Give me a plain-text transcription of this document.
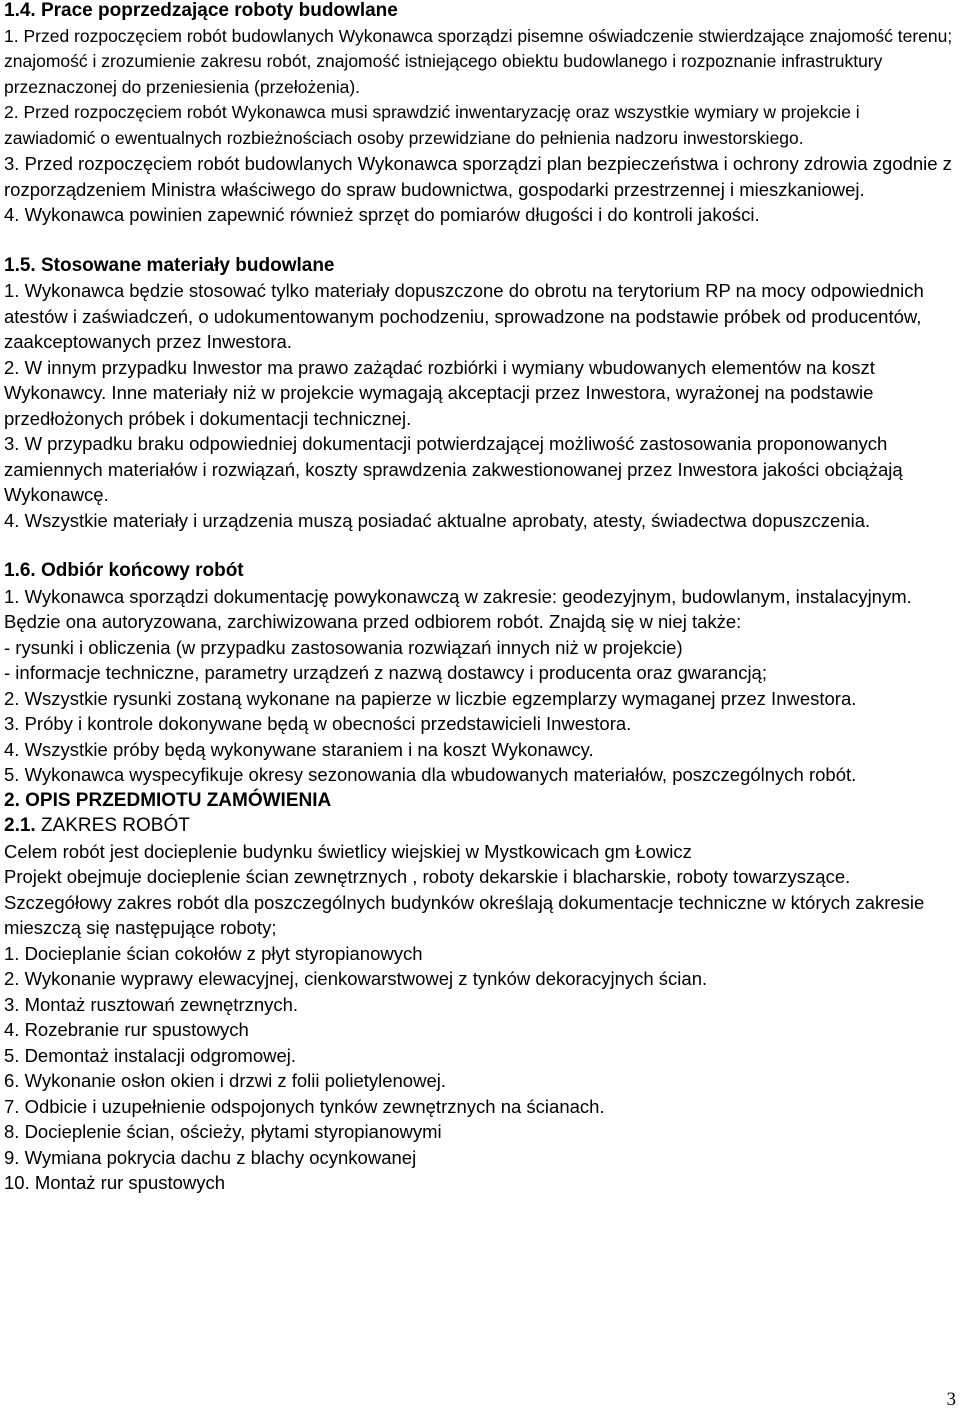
1.4. Prace poprzedzające roboty budowlane

1. Przed rozpoczęciem robót budowlanych Wykonawca sporządzi pisemne oświadczenie stwierdzające znajomość terenu; znajomość i zrozumienie zakresu robót, znajomość istniejącego obiektu budowlanego i rozpoznanie infrastruktury przeznaczonej do przeniesienia (przełożenia).

2. Przed rozpoczęciem robót Wykonawca musi sprawdzić inwentaryzację oraz wszystkie wymiary w projekcie i zawiadomić o ewentualnych rozbieżnościach osoby przewidziane do pełnienia nadzoru inwestorskiego.

3. Przed rozpoczęciem robót budowlanych Wykonawca sporządzi plan bezpieczeństwa i ochrony zdrowia zgodnie z rozporządzeniem Ministra właściwego do spraw budownictwa, gospodarki przestrzennej i mieszkaniowej.

4. Wykonawca powinien zapewnić również sprzęt do pomiarów długości i do kontroli jakości.

1.5. Stosowane materiały budowlane

1. Wykonawca będzie stosować tylko materiały dopuszczone do obrotu na terytorium RP na mocy odpowiednich atestów i zaświadczeń, o udokumentowanym pochodzeniu, sprowadzone na podstawie próbek od producentów, zaakceptowanych przez Inwestora.

2. W innym przypadku Inwestor ma prawo zażądać rozbiórki i wymiany wbudowanych elementów na koszt Wykonawcy. Inne materiały niż w projekcie wymagają akceptacji przez Inwestora, wyrażonej na podstawie przedłożonych próbek i dokumentacji technicznej.

3. W przypadku braku odpowiedniej dokumentacji potwierdzającej możliwość zastosowania proponowanych zamiennych materiałów i rozwiązań, koszty sprawdzenia zakwestionowanej przez Inwestora jakości obciążają Wykonawcę.

4. Wszystkie materiały i urządzenia muszą posiadać aktualne aprobaty, atesty, świadectwa dopuszczenia.

1.6. Odbiór końcowy robót

1. Wykonawca sporządzi dokumentację powykonawczą w zakresie: geodezyjnym, budowlanym, instalacyjnym. Będzie ona autoryzowana, zarchiwizowana przed odbiorem robót. Znajdą się w niej także:

- rysunki i obliczenia (w przypadku zastosowania rozwiązań innych niż w projekcie)

- informacje techniczne, parametry urządzeń z nazwą dostawcy i producenta oraz gwarancją;

2. Wszystkie rysunki zostaną wykonane na papierze w liczbie egzemplarzy wymaganej przez Inwestora.

3. Próby i kontrole dokonywane będą w obecności przedstawicieli Inwestora.

4. Wszystkie próby będą wykonywane staraniem i na koszt Wykonawcy.

5. Wykonawca wyspecyfikuje okresy sezonowania dla wbudowanych materiałów, poszczególnych robót.

2. OPIS PRZEDMIOTU ZAMÓWIENIA

2.1. ZAKRES ROBÓT

Celem robót jest docieplenie budynku świetlicy wiejskiej w Mystkowicach gm Łowicz

Projekt obejmuje docieplenie ścian zewnętrznych , roboty dekarskie i blacharskie, roboty towarzyszące.

Szczegółowy zakres robót dla poszczególnych budynków określają dokumentacje techniczne w których zakresie mieszczą się następujące roboty;

1. Docieplanie ścian cokołów z płyt styropianowych

2. Wykonanie wyprawy elewacyjnej, cienkowarstwowej z tynków dekoracyjnych ścian.

3. Montaż rusztowań zewnętrznych.

4. Rozebranie rur spustowych

5. Demontaż instalacji odgromowej.

6. Wykonanie osłon okien i drzwi z folii polietylenowej.

7. Odbicie i uzupełnienie odspojonych tynków zewnętrznych na ścianach.

8. Docieplenie ścian, ościeży, płytami styropianowymi

9. Wymiana pokrycia dachu z blachy ocynkowanej

10. Montaż rur spustowych

3
